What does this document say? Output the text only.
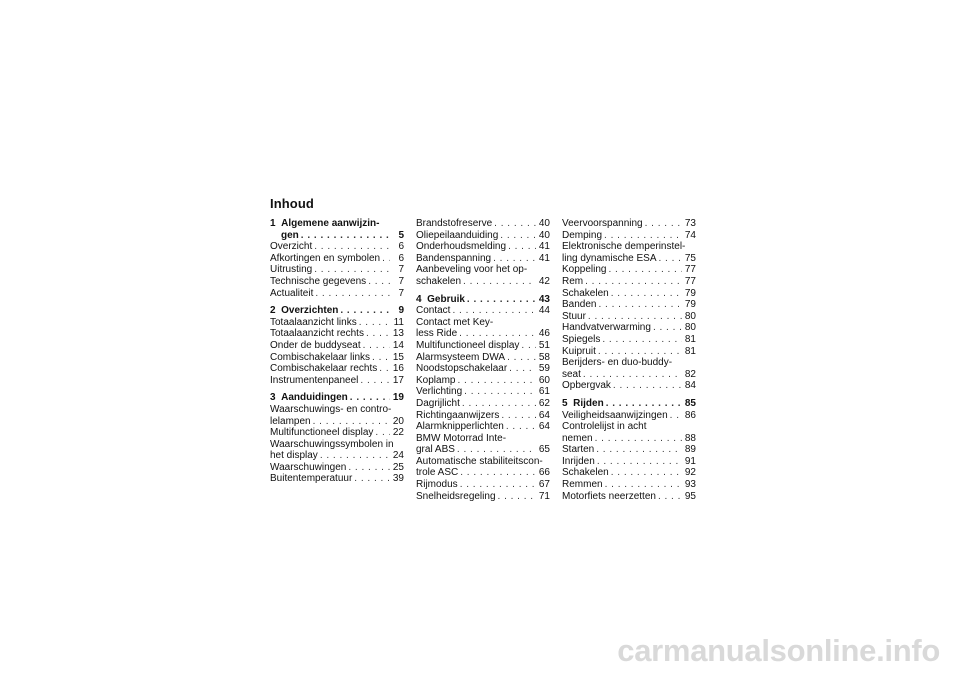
Inhoud
1 Algemene aanwijzin-
gen . . .	5
Overzicht . . .	6
Afkortingen en symbolen . . .	6
Uitrusting . . .	7
Technische gegevens . . .	7
Actualiteit . . .	7
2 Overzichten . . .	9
Totaalaanzicht links . . .	11
Totaalaanzicht rechts . . .	13
Onder de buddyseat . . .	14
Combischakelaar links . . . 15
Combischakelaar rechts . . . 16
Instrumentenpaneel . . .	17
3 Aanduidingen . . .	19
Waarschuwings- en contro-
lelampen . . .	20
Multifunctioneel display . . . 22
Waarschuwingssymbolen in
het display . . .	24
Waarschuwingen . . .	25
Buitentemperatuur . . .	39
Brandstofreserve . . .	40
Oliepeilaanduiding . . .	40
Onderhoudsmelding . . .	41
Bandenspanning . . .	41
Aanbeveling voor het op-
schakelen . . .	42
4 Gebruik . . .	43
Contact . . .	44
Contact met Key-
less Ride . . .	46
Multifunctioneel display . . . 51
Alarmsysteem DWA . . .	58
Noodstopschakelaar . . .	59
Koplamp . . .	60
Verlichting . . .	61
Dagrijlicht . . .	62
Richtingaanwijzers . . .	64
Alarmknipperlichten . . .	64
BMW Motorrad Inte-
gral ABS . . .	65
Automatische stabiliteitscon-
trole ASC . . .	66
Rijmodus . . .	67
Snelheidsregeling . . .	71
Veervoorspanning . . .	73
Demping . . .	74
Elektronische demperinstel-
ling dynamische ESA . . .	75
Koppeling . . .	77
Rem . . .	77
Schakelen . . .	79
Banden . . .	79
Stuur . . .	80
Handvatverwarming . . .	80
Spiegels . . .	81
Kuipruit . . .	81
Berijders- en duo-buddy-
seat . . .	82
Opbergvak . . .	84
5 Rijden . . .	85
Veiligheidsaanwijzingen . . . 86
Controlelijst in acht
nemen . . .	88
Starten . . .	89
Inrijden . . .	91
Schakelen . . .	92
Remmen . . .	93
Motorfiets neerzetten . . .	95
carmanualsonline.info
